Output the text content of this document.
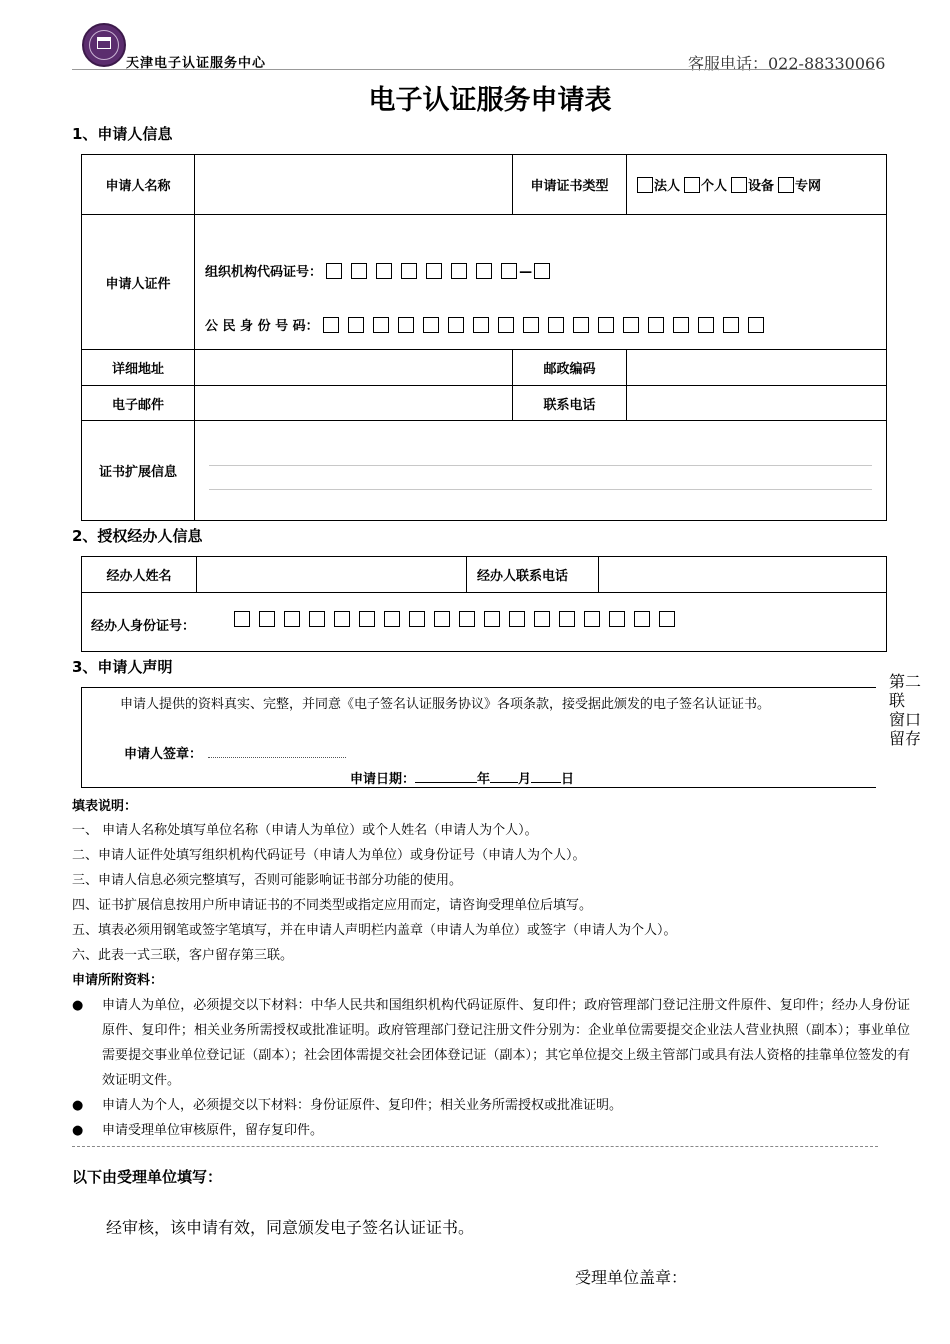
天津电子认证服务中心	客服电话：022-88330066
电子认证服务申请表
1、申请人信息
申请人名称		申请证书类型	法人 个人 设备 专网
申请人证件	组织机构代码证号： —
公 民 身 份 号 码：		

详细地址		邮政编码	
电子邮件		联系电话	
证书扩展信息			
2、授权经办人信息
经办人姓名		经办人联系电话	

经办人身份证号：
3、申请人声明
申请人提供的资料真实、完整，并同意《电子签名认证服务协议》各项条款，接受据此颁发的电子签名认证证书。
申请人签章：
申请日期：	年 月 日
第二
联
窗口
留存
填表说明：
一、 申请人名称处填写单位名称（申请人为单位）或个人姓名（申请人为个人）。
二、申请人证件处填写组织机构代码证号（申请人为单位）或身份证号（申请人为个人）。
三、申请人信息必须完整填写，否则可能影响证书部分功能的使用。
四、证书扩展信息按用户所申请证书的不同类型或指定应用而定，请咨询受理单位后填写。
五、填表必须用钢笔或签字笔填写，并在申请人声明栏内盖章（申请人为单位）或签字（申请人为个人）。
六、此表一式三联，客户留存第三联。
申请所附资料：
● 申请人为单位，必须提交以下材料：中华人民共和国组织机构代码证原件、复印件；政府管理部门登记注册文件原件、复印件；经办人身份证原件、复印件；相关业务所需授权或批准证明。政府管理部门登记注册文件分别为：企业单位需要提交企业法人营业执照（副本）；事业单位需要提交事业单位登记证（副本）；社会团体需提交社会团体登记证（副本）；其它单位提交上级主管部门或具有法人资格的挂靠单位签发的有效证明文件。
● 申请人为个人，必须提交以下材料：身份证原件、复印件；相关业务所需授权或批准证明。
● 申请受理单位审核原件，留存复印件。
以下由受理单位填写：
经审核，该申请有效，同意颁发电子签名认证证书。
受理单位盖章：
